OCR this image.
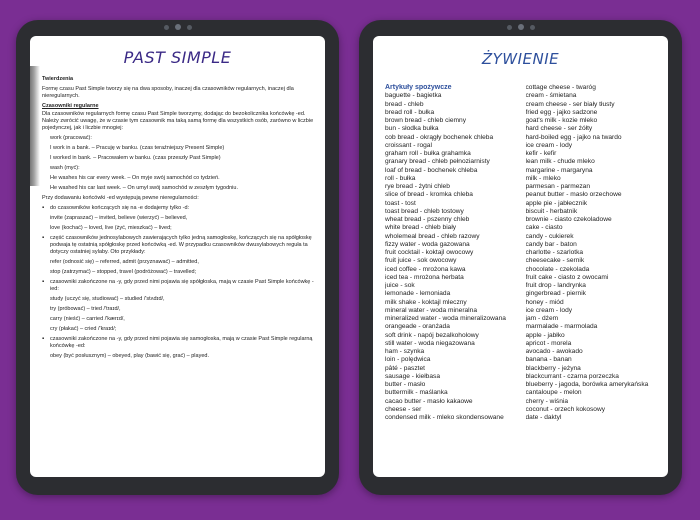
PAST SIMPLE
Twierdzenia
Formę czasu Past Simple tworzy się na dwa sposoby, inaczej dla czasowników regularnych, inaczej dla nieregularnych.
Czasowniki regularne
Dla czasowników regularnych formę czasu Past Simple tworzymy, dodając do bezokolicznika końcówkę -ed. Należy zwrócić uwagę, że w czasie tym czasownik ma taką samą formę dla wszystkich osób, zarówno w liczbie pojedynczej, jak i liczbie mnogiej:
work (pracować):
I work in a bank. – Pracuję w banku. (czas teraźniejszy Present Simple)
I worked in bank. – Pracowałem w banku. (czas przeszły Past Simple)
wash (myć):
He washes his car every week. – On myje swój samochód co tydzień.
He washed his car last week. – On umył swój samochód w zeszłym tygodniu.
Przy dodawaniu końcówki -ed występują pewne nieregularności:
▪ do czasowników kończących się na -e dodajemy tylko -d:
invite (zapraszać) – invited, believe (wierzyć) – believed,
love (kochać) – loved, live (żyć, mieszkać) – lived;
▪ część czasowników jednosylabowych zawierających tylko jedną samogłoskę, kończących się na spółgłoskę podwaja tę ostatnią spółgłoskę przed końcówką -ed. W przypadku czasowników dwusylabowych reguła ta dotyczy ostatniej sylaby. Oto przykłady:
refer (odnosić się) – referred, admit (przyznawać) – admitted,
stop (zatrzymać) – stopped, travel (podróżować) – travelled;
▪ czasowniki zakończone na -y, gdy przed nimi pojawia się spółgłoska, mają w czasie Past Simple końcówkę -ied:
study (uczyć się, studiować) – studied /'stʌdɪd/,
try (próbować) – tried /'traɪd/,
carry (nieść) – carried /'kærɪd/,
cry (płakać) – cried /'kraɪd/;
▪ czasowniki zakończone na -y, gdy przed nimi pojawia się samogłoska, mają w czasie Past Simple regularną końcówkę -ed:
obey (być posłusznym) – obeyed, play (bawić się, grać) – played.
ŻYWIENIE
Artykuły spożywcze
baguette - bagietka
bread - chleb
bread roll - bułka
brown bread - chleb ciemny
bun - słodka bułka
cob bread - okrągły bochenek chleba
croissant - rogal
graham roll - bułka grahamka
granary bread - chleb pełnoziarnisty
loaf of bread - bochenek chleba
roll - bułka
rye bread - żytni chleb
slice of bread - kromka chleba
toast - tost
toast bread - chleb tostowy
wheat bread - pszenny chleb
white bread - chleb biały
wholemeal bread - chleb razowy
fizzy water - woda gazowana
fruit cocktail - koktajl owocowy
fruit juice - sok owocowy
iced coffee - mrożona kawa
iced tea - mrożona herbata
juice - sok
lemonade - lemoniada
milk shake - koktajl mleczny
mineral water - woda mineralna
mineralized water - woda mineralizowana
orangeade - oranżada
soft drink - napój bezalkoholowy
still water - woda niegazowana
ham - szynka
loin - polędwica
pâté - pasztet
sausage - kiełbasa
butter - masło
buttermilk - maślanka
cacao butter - masło kakaowe
cheese - ser
condensed milk - mleko skondensowane
cottage cheese - twaróg
cream - śmietana
cream cheese - ser biały tłusty
fried egg - jajko sadzone
goat's milk - kozie mleko
hard cheese - ser żółty
hard-boiled egg - jajko na twardo
ice cream - lody
kefir - kefir
lean milk - chude mleko
margarine - margaryna
milk - mleko
parmesan - parmezan
peanut butter - masło orzechowe
apple pie - jabłecznik
biscuit - herbatnik
brownie - ciasto czekoladowe
cake - ciasto
candy - cukierek
candy bar - baton
charlotte - szarlotka
cheesecake - sernik
chocolate - czekolada
fruit cake - ciasto z owocami
fruit drop - landrynka
gingerbread - piernik
honey - miód
ice cream - lody
jam - dżem
marmalade - marmolada
apple - jabłko
apricot - morela
avocado - awokado
banana - banan
blackberry - jeżyna
blackcurrant - czarna porzeczka
blueberry - jagoda, borówka amerykańska
cantaloupe - melon
cherry - wiśnia
coconut - orzech kokosowy
date - daktyl
